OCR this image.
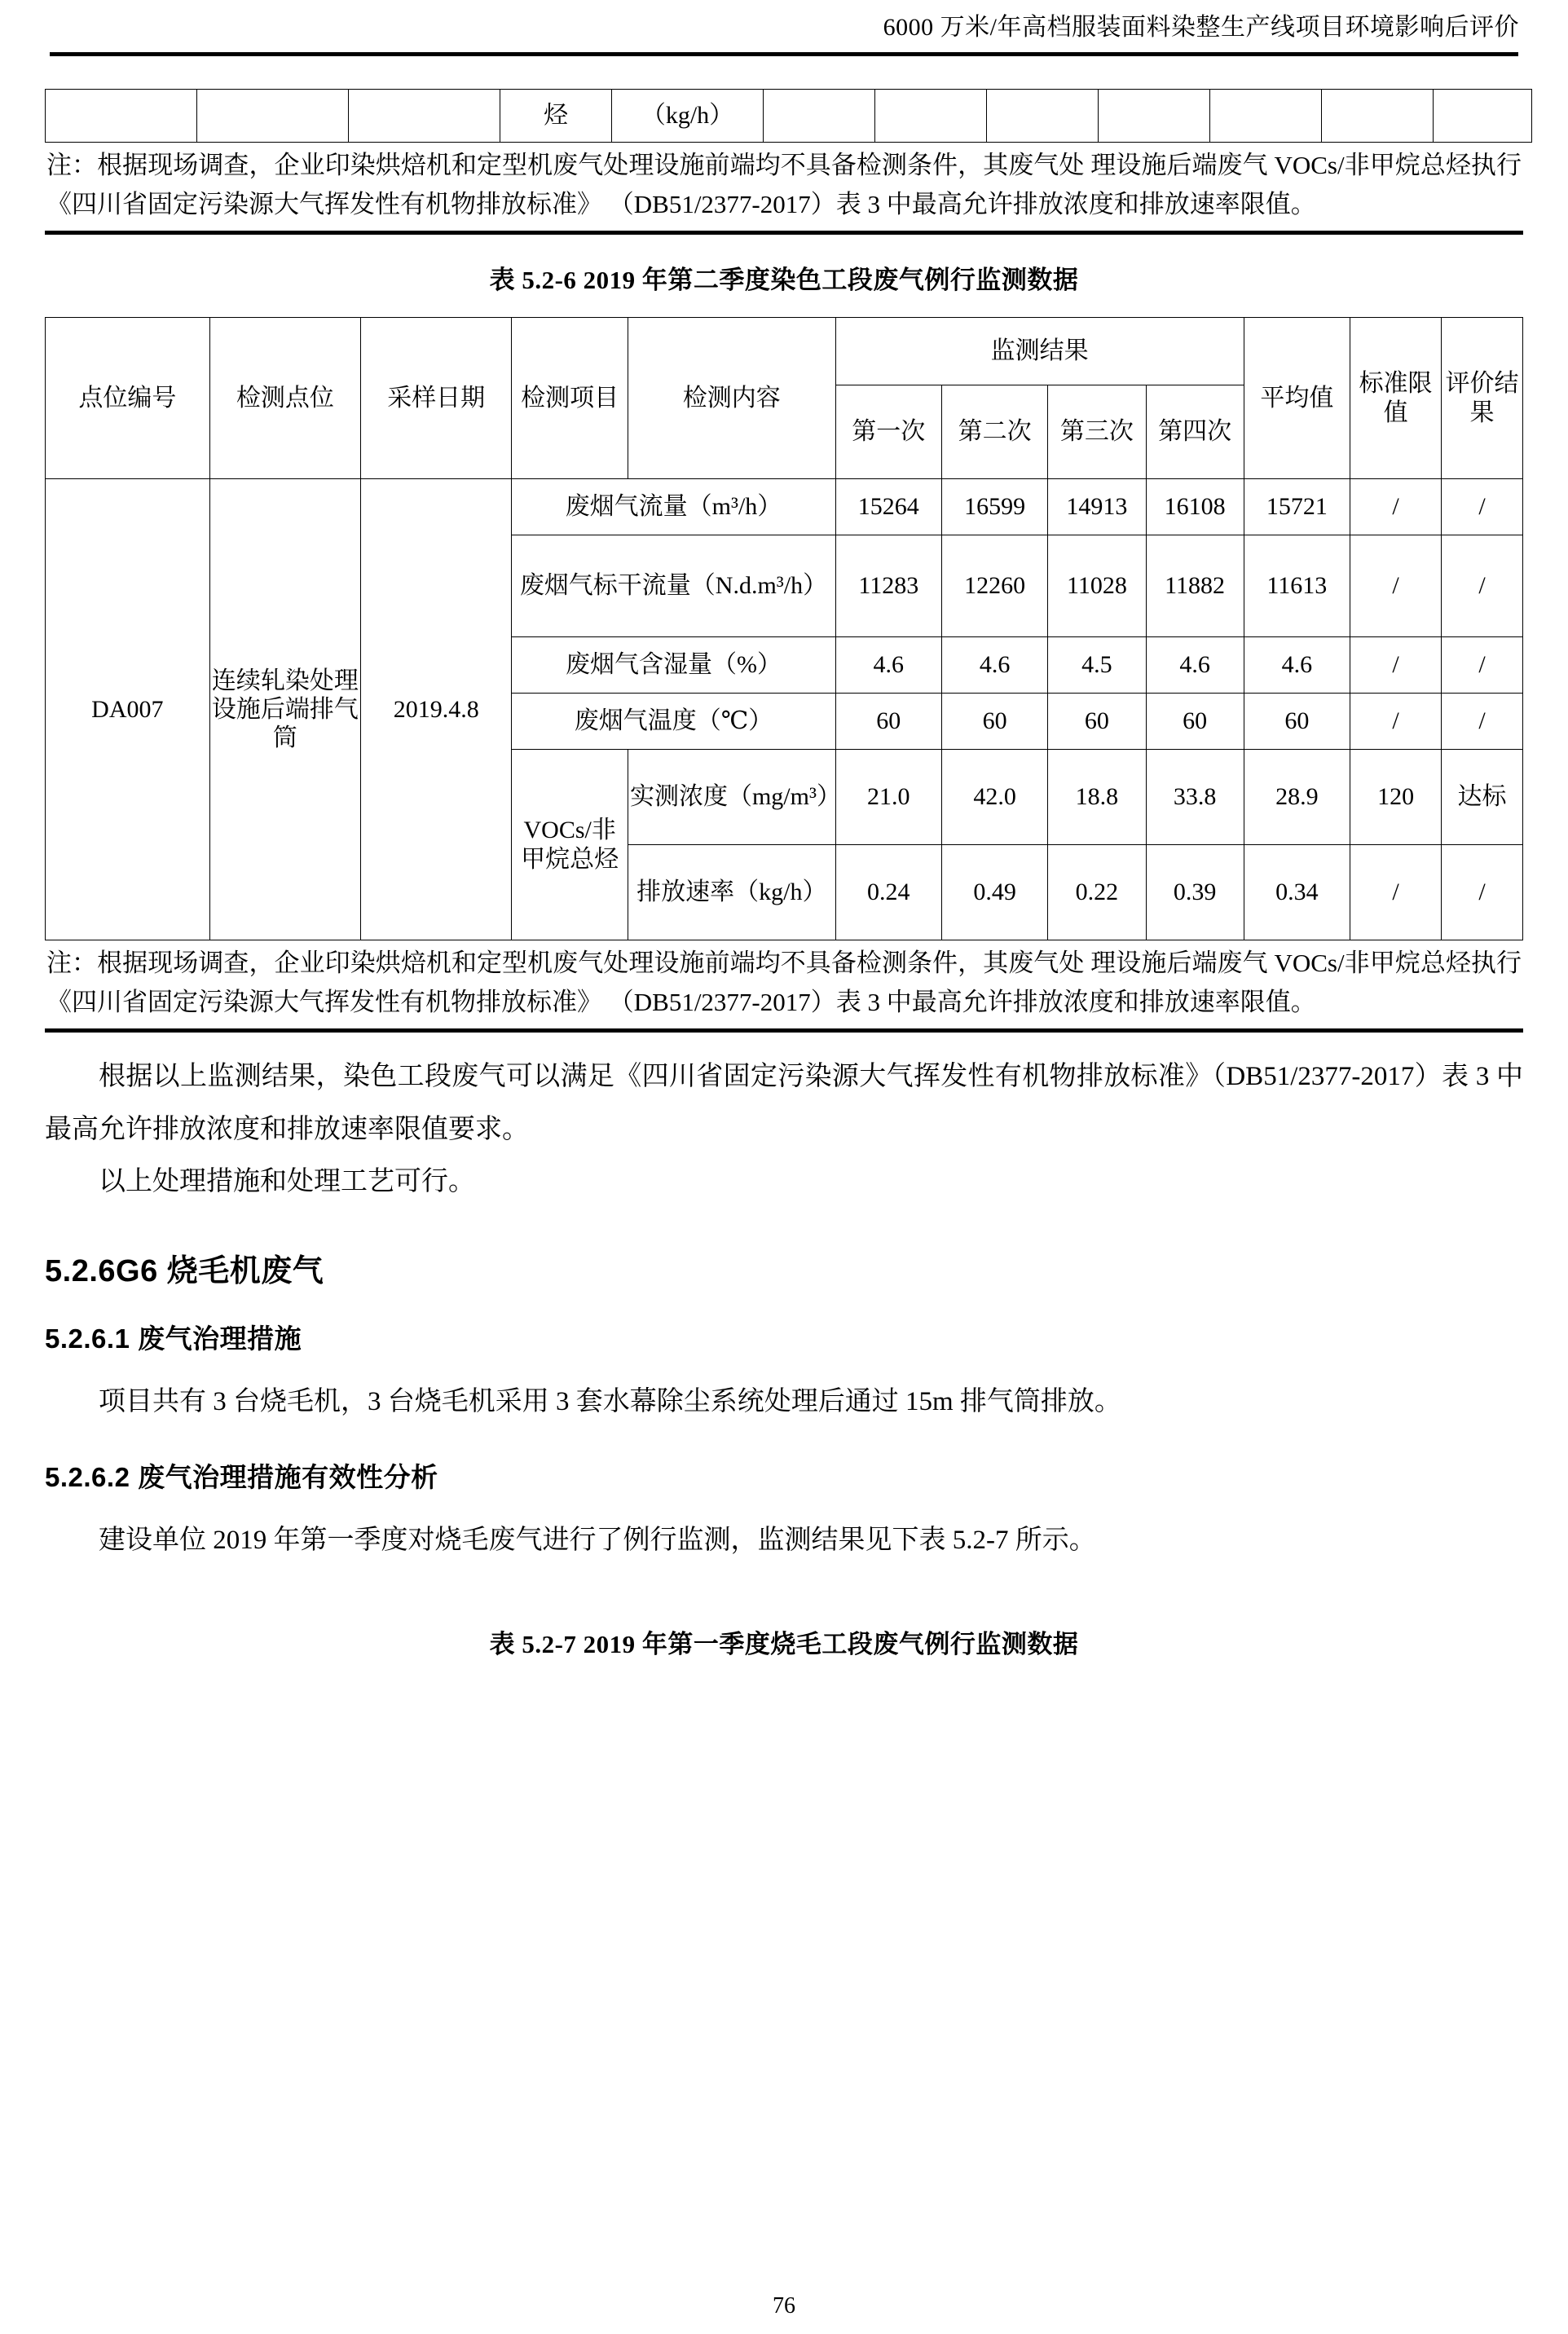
6000 万米/年高档服装面料染整生产线项目环境影响后评价
			烃	（kg/h）							
注：根据现场调查，企业印染烘焙机和定型机废气处理设施前端均不具备检测条件，其废气处 理设施后端废气 VOCs/非甲烷总烃执行《四川省固定污染源大气挥发性有机物排放标准》 （DB51/2377-2017）表 3 中最高允许排放浓度和排放速率限值。
表 5.2-6 2019 年第二季度染色工段废气例行监测数据
点位编号	检测点位	采样日期	检测项目	检测内容	监测结果				平均值	标准限值	评价结果
					第一次	第二次	第三次	第四次			
DA007	连续轧染处理设施后端排气筒	2019.4.8	废烟气流量（m³/h）		15264	16599	14913	16108	15721	/	/
			废烟气标干流量（N.d.m³/h）		11283	12260	11028	11882	11613	/	/
			废烟气含湿量（%）		4.6	4.6	4.5	4.6	4.6	/	/
			废烟气温度（℃）		60	60	60	60	60	/	/
			VOCs/非甲烷总烃	实测浓度（mg/m³）	21.0	42.0	18.8	33.8	28.9	120	达标
				排放速率（kg/h）	0.24	0.49	0.22	0.39	0.34	/	/
注：根据现场调查，企业印染烘焙机和定型机废气处理设施前端均不具备检测条件，其废气处 理设施后端废气 VOCs/非甲烷总烃执行《四川省固定污染源大气挥发性有机物排放标准》 （DB51/2377-2017）表 3 中最高允许排放浓度和排放速率限值。

根据以上监测结果，染色工段废气可以满足《四川省固定污染源大气挥发性有机物排放标准》（DB51/2377-2017）表 3 中最高允许排放浓度和排放速率限值要求。

以上处理措施和处理工艺可行。

5.2.6G6 烧毛机废气
5.2.6.1 废气治理措施

项目共有 3 台烧毛机，3 台烧毛机采用 3 套水幕除尘系统处理后通过 15m 排气筒排放。

5.2.6.2 废气治理措施有效性分析

建设单位 2019 年第一季度对烧毛废气进行了例行监测，监测结果见下表 5.2-7 所示。

表 5.2-7 2019 年第一季度烧毛工段废气例行监测数据
76
